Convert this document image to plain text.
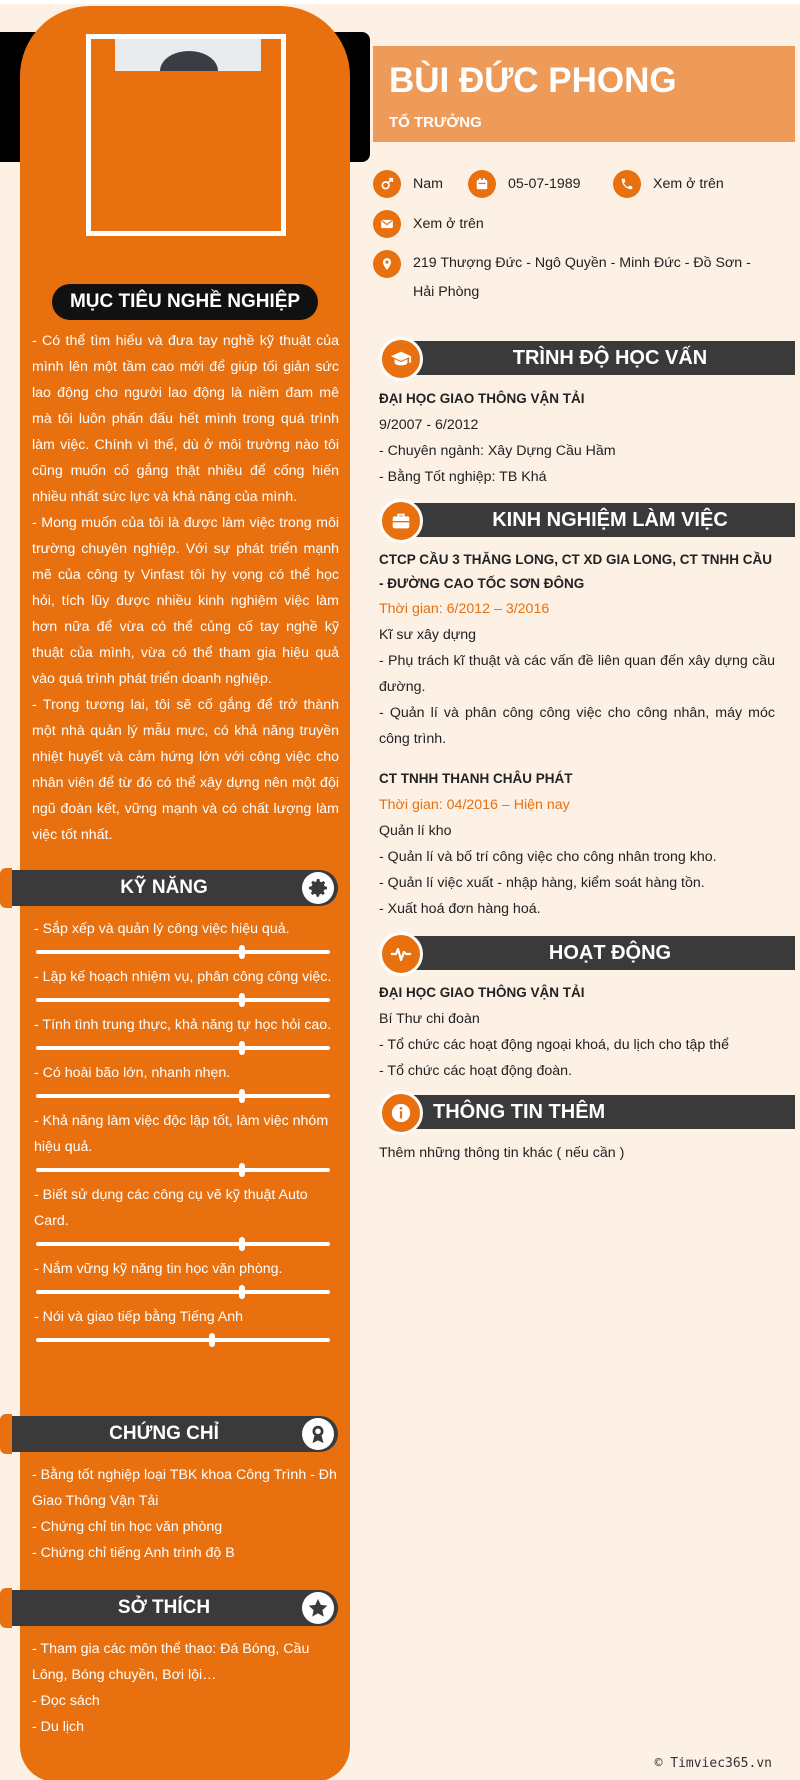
MỤC TIÊU NGHỀ NGHIỆP

- Có thể tìm hiểu và đưa tay nghề kỹ thuật của mình lên một tầm cao mới để giúp tối giản sức lao động cho người lao động là niềm đam mê mà tôi luôn phấn đấu hết mình trong quá trình làm việc. Chính vì thế, dù ở môi trường nào tôi cũng muốn cố gắng thật nhiều để cống hiến nhiều nhất sức lực và khả năng của mình.

- Mong muốn của tôi là được làm việc trong môi trường chuyên nghiệp. Với sự phát triển mạnh mẽ của công ty Vinfast tôi hy vọng có thể học hỏi, tích lũy được nhiều kinh nghiệm việc làm hơn nữa để vừa có thể củng cố tay nghề kỹ thuật của mình, vừa có thể tham gia hiệu quả vào quá trình phát triển doanh nghiệp.

- Trong tương lai, tôi sẽ cố gắng để trở thành một nhà quản lý mẫu mực, có khả năng truyền nhiệt huyết và cảm hứng lớn với công việc cho nhân viên để từ đó có thể xây dựng nên một đội ngũ đoàn kết, vững mạnh và có chất lượng làm việc tốt nhất.

KỸ NĂNG
- Sắp xếp và quản lý công việc hiệu quả.
- Lập kế hoạch nhiệm vụ, phân công công việc.
- Tính tình trung thực, khả năng tự học hỏi cao.
- Có hoài bão lớn, nhanh nhẹn.
- Khả năng làm việc độc lập tốt, làm việc nhóm hiệu quả.
- Biết sử dụng các công cụ vẽ kỹ thuật Auto Card.
- Nắm vững kỹ năng tin học văn phòng.
- Nói và giao tiếp bằng Tiếng Anh
CHỨNG CHỈ
- Bằng tốt nghiệp loại TBK khoa Công Trình - Đh Giao Thông Vận Tải
- Chứng chỉ tin học văn phòng
- Chứng chỉ tiếng Anh trình độ B
SỞ THÍCH
- Tham gia các môn thể thao: Đá Bóng, Cầu Lông, Bóng chuyền, Bơi lội…
- Đọc sách
- Du lịch
BÙI ĐỨC PHONG
TỔ TRƯỞNG
Nam	05-07-1989	Xem ở trên
Xem ở trên
219 Thượng Đức - Ngô Quyền - Minh Đức - Đồ Sơn - Hải Phòng
TRÌNH ĐỘ HỌC VẤN
ĐẠI HỌC GIAO THÔNG VẬN TẢI
9/2007 - 6/2012
- Chuyên ngành: Xây Dựng Cầu Hầm
- Bằng Tốt nghiệp: TB Khá
KINH NGHIỆM LÀM VIỆC
CTCP CẦU 3 THĂNG LONG, CT XD GIA LONG, CT TNHH CẦU - ĐƯỜNG CAO TỐC SƠN ĐÔNG
Thời gian: 6/2012 – 3/2016
Kĩ sư xây dựng
- Phụ trách kĩ thuật và các vấn đề liên quan đến xây dựng cầu đường.
- Quản lí và phân công công việc cho công nhân, máy móc công trình.
CT TNHH THANH CHÂU PHÁT
Thời gian: 04/2016 – Hiện nay
Quản lí kho
- Quản lí và bố trí công việc cho công nhân trong kho.
- Quản lí việc xuất - nhập hàng, kiểm soát hàng tồn.
- Xuất hoá đơn hàng hoá.
HOẠT ĐỘNG
ĐẠI HỌC GIAO THÔNG VẬN TẢI
Bí Thư chi đoàn
- Tổ chức các hoạt động ngoại khoá, du lịch cho tập thể
- Tổ chức các hoạt động đoàn.
THÔNG TIN THÊM
Thêm những thông tin khác ( nếu cần )
© Timviec365.vn
